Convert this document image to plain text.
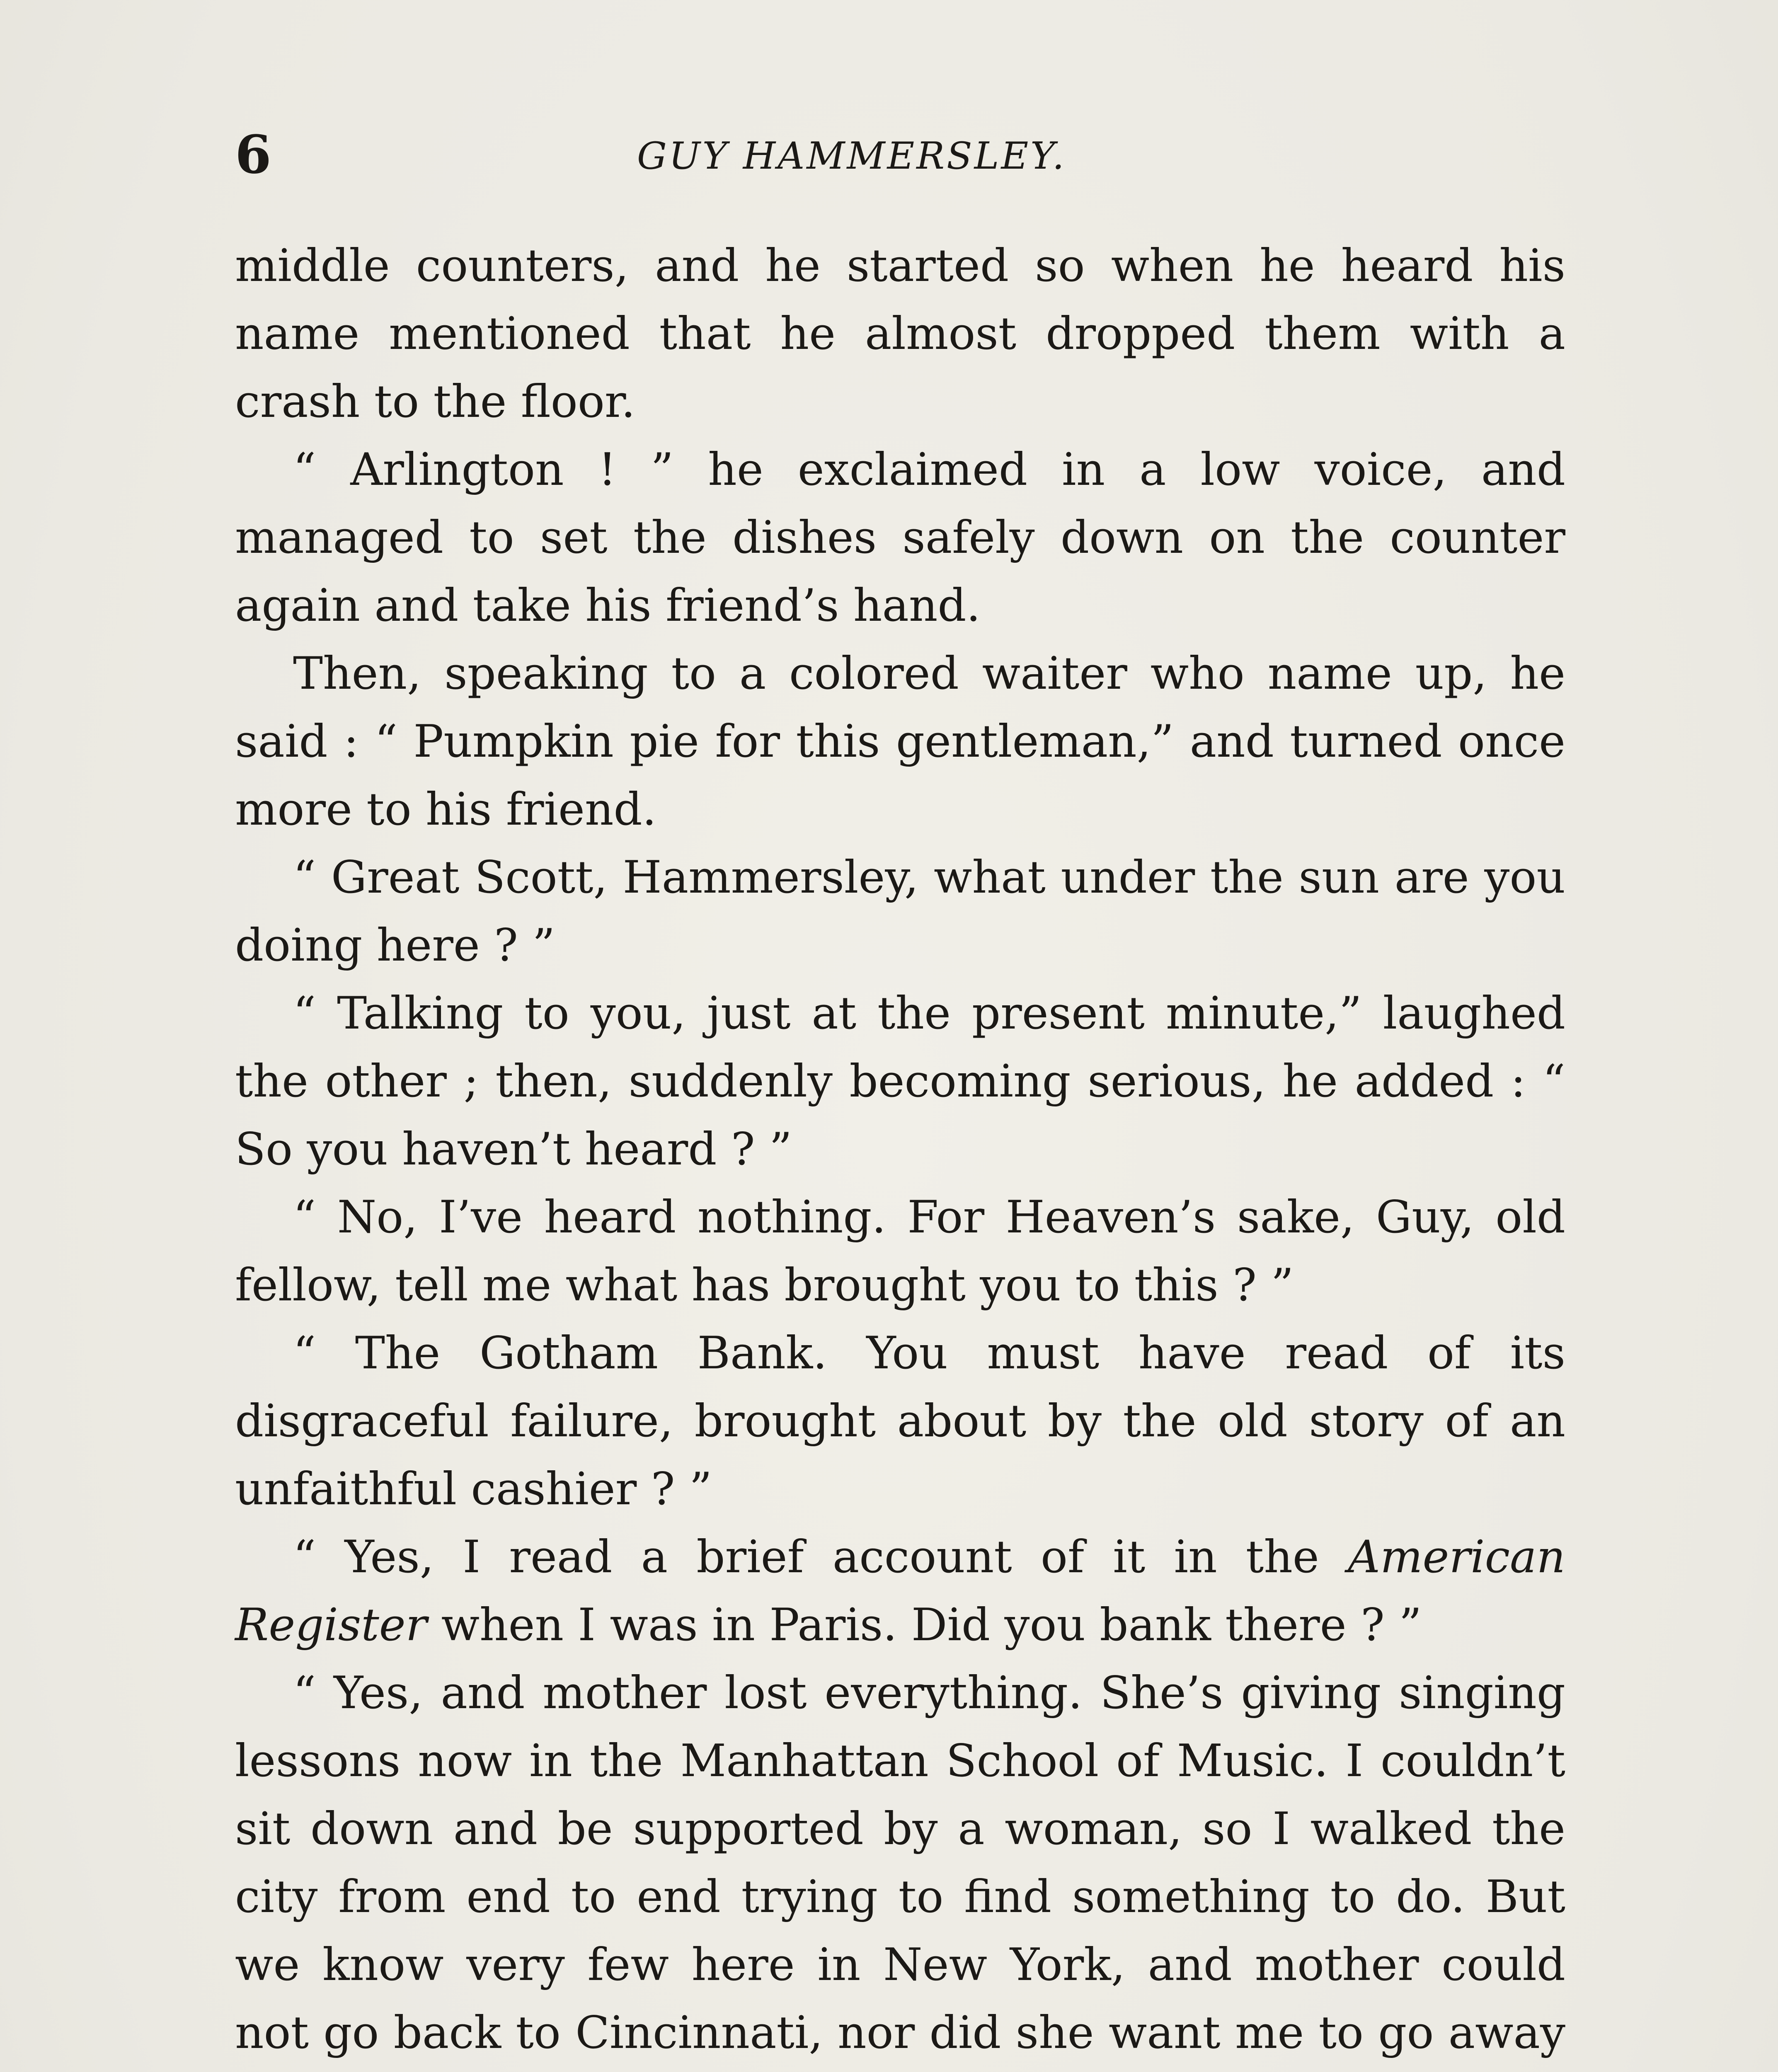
6	GUY HAMMERSLEY.

middle counters, and he started so when he heard his name mentioned that he almost dropped them with a crash to the floor.

“ Arlington ! ” he exclaimed in a low voice, and managed to set the dishes safely down on the counter again and take his friend’s hand.

Then, speaking to a colored waiter who name up, he said : “ Pumpkin pie for this gentleman,” and turned once more to his friend.

“ Great Scott, Hammersley, what under the sun are you doing here ? ”

“ Talking to you, just at the present minute,” laughed the other ; then, suddenly becoming serious, he added : “ So you haven’t heard ? ”

“ No, I’ve heard nothing. For Heaven’s sake, Guy, old fellow, tell me what has brought you to this ? ”

“ The Gotham Bank. You must have read of its disgraceful failure, brought about by the old story of an unfaithful cashier ? ”

“ Yes, I read a brief account of it in the American Register when I was in Paris. Did you bank there ? ”

“ Yes, and mother lost everything. She’s giving singing lessons now in the Manhattan School of Music. I couldn’t sit down and be supported by a woman, so I walked the city from end to end trying to find something to do. But we know very few here in New York, and mother could not go back to Cincinnati, nor did she want me to go away
